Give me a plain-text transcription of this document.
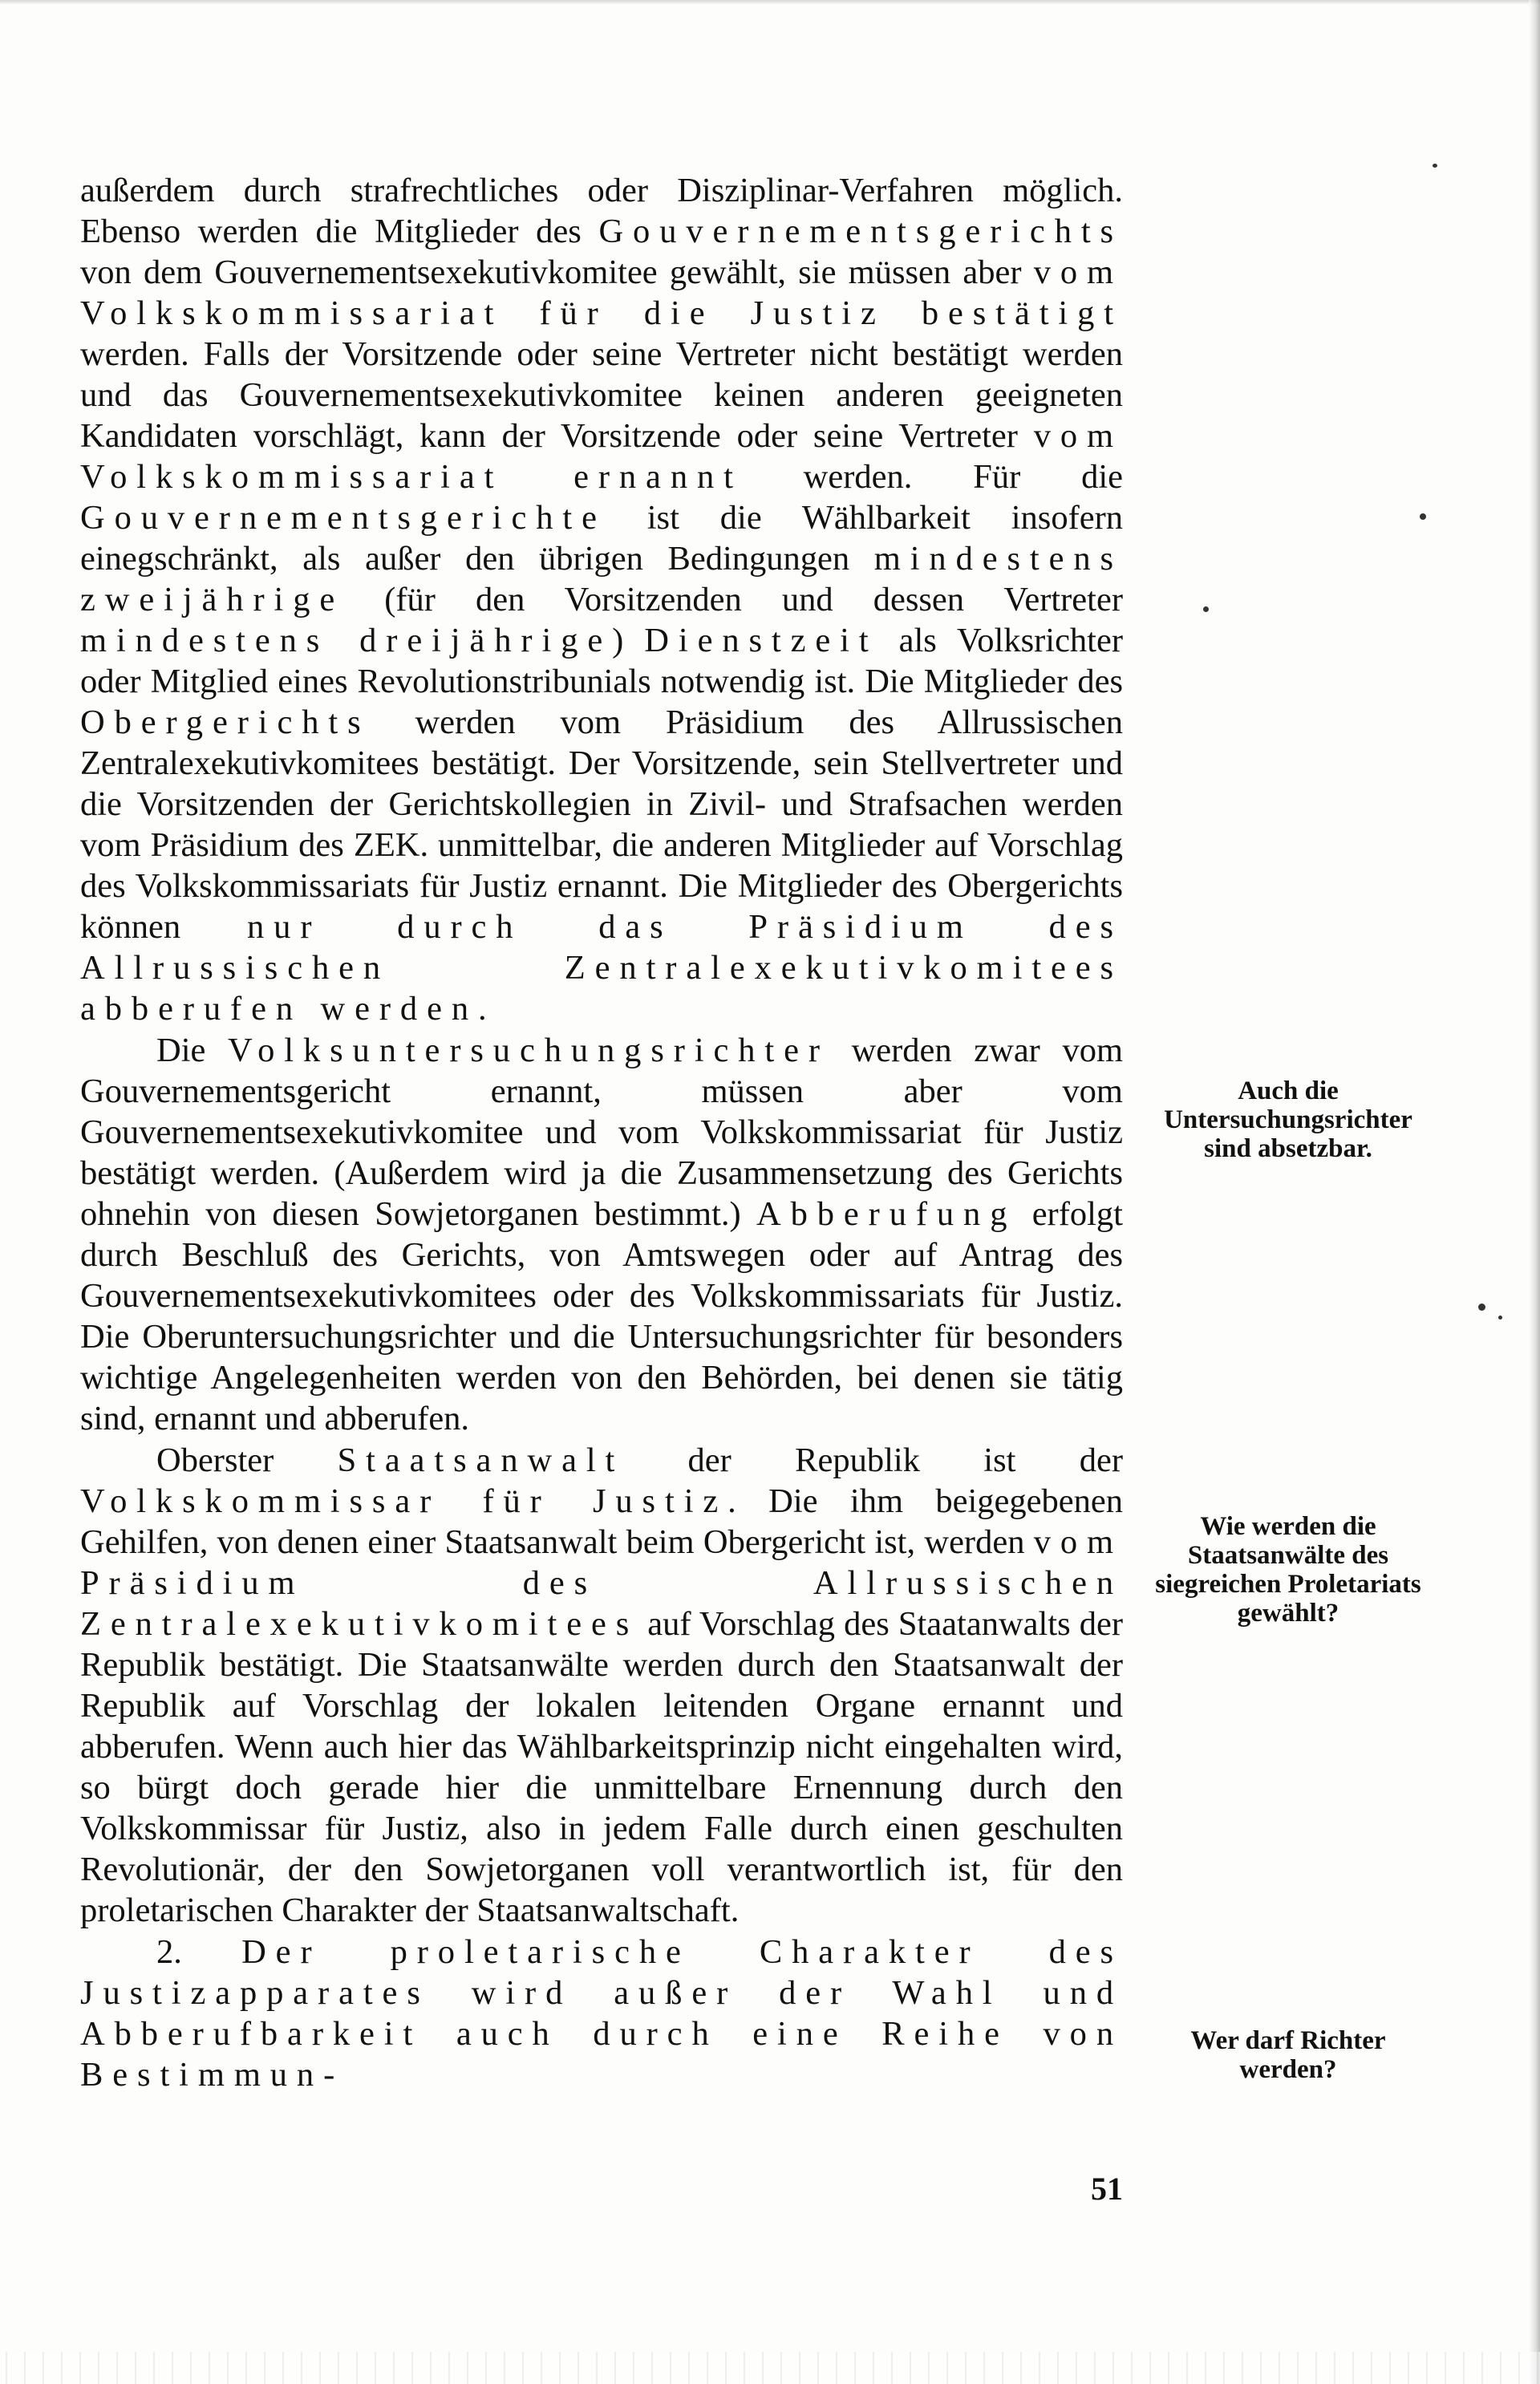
außerdem durch strafrechtliches oder Disziplinar-Verfahren möglich. Ebenso werden die Mitglieder des Gouvernementsgerichts von dem Gouvernementsexekutivkomitee gewählt, sie müssen aber vom Volkskommissariat für die Justiz bestätigt werden. Falls der Vorsitzende oder seine Vertreter nicht bestätigt werden und das Gouvernementsexekutivkomitee keinen anderen geeigneten Kandidaten vorschlägt, kann der Vorsitzende oder seine Vertreter vom Volkskommissariat ernannt werden. Für die Gouvernementsgerichte ist die Wählbarkeit insofern einegschränkt, als außer den übrigen Bedingungen mindestens zweijährige (für den Vorsitzenden und dessen Vertreter mindestens dreijährige) Dienstzeit als Volksrichter oder Mitglied eines Revolutionstribunials notwendig ist. Die Mitglieder des Obergerichts werden vom Präsidium des Allrussischen Zentralexekutivkomitees bestätigt. Der Vorsitzende, sein Stellvertreter und die Vorsitzenden der Gerichtskollegien in Zivil- und Strafsachen werden vom Präsidium des ZEK. unmittelbar, die anderen Mitglieder auf Vorschlag des Volkskommissariats für Justiz ernannt. Die Mitglieder des Obergerichts können nur durch das Präsidium des Allrussischen Zentralexekutivkomitees abberufen werden.

Die Volksuntersuchungsrichter werden zwar vom Gouvernementsgericht ernannt, müssen aber vom Gouvernementsexekutivkomitee und vom Volkskommissariat für Justiz bestätigt werden. (Außerdem wird ja die Zusammensetzung des Gerichts ohnehin von diesen Sowjetorganen bestimmt.) Abberufung erfolgt durch Beschluß des Gerichts, von Amtswegen oder auf Antrag des Gouvernementsexekutivkomitees oder des Volkskommissariats für Justiz. Die Oberuntersuchungsrichter und die Untersuchungsrichter für besonders wichtige Angelegenheiten werden von den Behörden, bei denen sie tätig sind, ernannt und abberufen.

Oberster Staatsanwalt der Republik ist der Volkskommissar für Justiz. Die ihm beigegebenen Gehilfen, von denen einer Staatsanwalt beim Obergericht ist, werden vom Präsidium des Allrussischen Zentralexekutivkomitees auf Vorschlag des Staatanwalts der Republik bestätigt. Die Staatsanwälte werden durch den Staatsanwalt der Republik auf Vorschlag der lokalen leitenden Organe ernannt und abberufen. Wenn auch hier das Wählbarkeitsprinzip nicht eingehalten wird, so bürgt doch gerade hier die unmittelbare Ernennung durch den Volkskommissar für Justiz, also in jedem Falle durch einen geschulten Revolutionär, der den Sowjetorganen voll verantwortlich ist, für den proletarischen Charakter der Staatsanwaltschaft.

2. Der proletarische Charakter des Justizapparates wird außer der Wahl und Abberufbarkeit auch durch eine Reihe von Bestimmun-

Auch die Untersuchungsrichter sind absetzbar.
Wie werden die Staatsanwälte des siegreichen Proletariats gewählt?
Wer darf Richter werden?
51
